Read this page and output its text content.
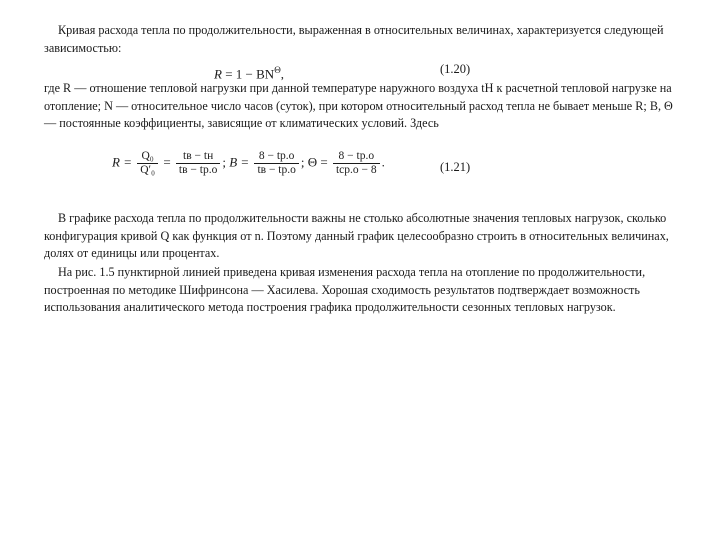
Кривая расхода тепла по продолжительности, выраженная в относительных величинах, характеризуется следующей зависимостью:

$R = 1 - BN^\Theta$,	(1.20)

где R — отношение тепловой нагрузки при данной температуре наружного воздуха tН к расчетной тепловой нагрузке на отопление; N — относительное число часов (суток), при котором относительный расход тепла не бывает меньше R; B, Θ — постоянные коэффициенты, зависящие от климатических условий. Здесь

$R = \frac{\text{Q₀}}{\text{Q′₀}} = \frac{tв - tн}{tв - tр.о}$ ; $B = \frac{8 - tр.о}{tв - tр.о}$ ; $\Theta = \frac{8 - tр.о}{\text{tср.о − 8}}$ .	(1.21)

В графике расхода тепла по продолжительности важны не столько абсолютные значения тепловых нагрузок, сколько конфигурация кривой Q как функция от n. Поэтому данный график целесообразно строить в относительных величинах, долях от единицы или процентах.

На рис. 1.5 пунктирной линией приведена кривая изменения расхода тепла на отопление по продолжительности, построенная по методике Шифринсона — Хасилева. Хорошая сходимость результатов подтверждает возможность использования аналитического метода построения графика продолжительности сезонных тепловых нагрузок.
